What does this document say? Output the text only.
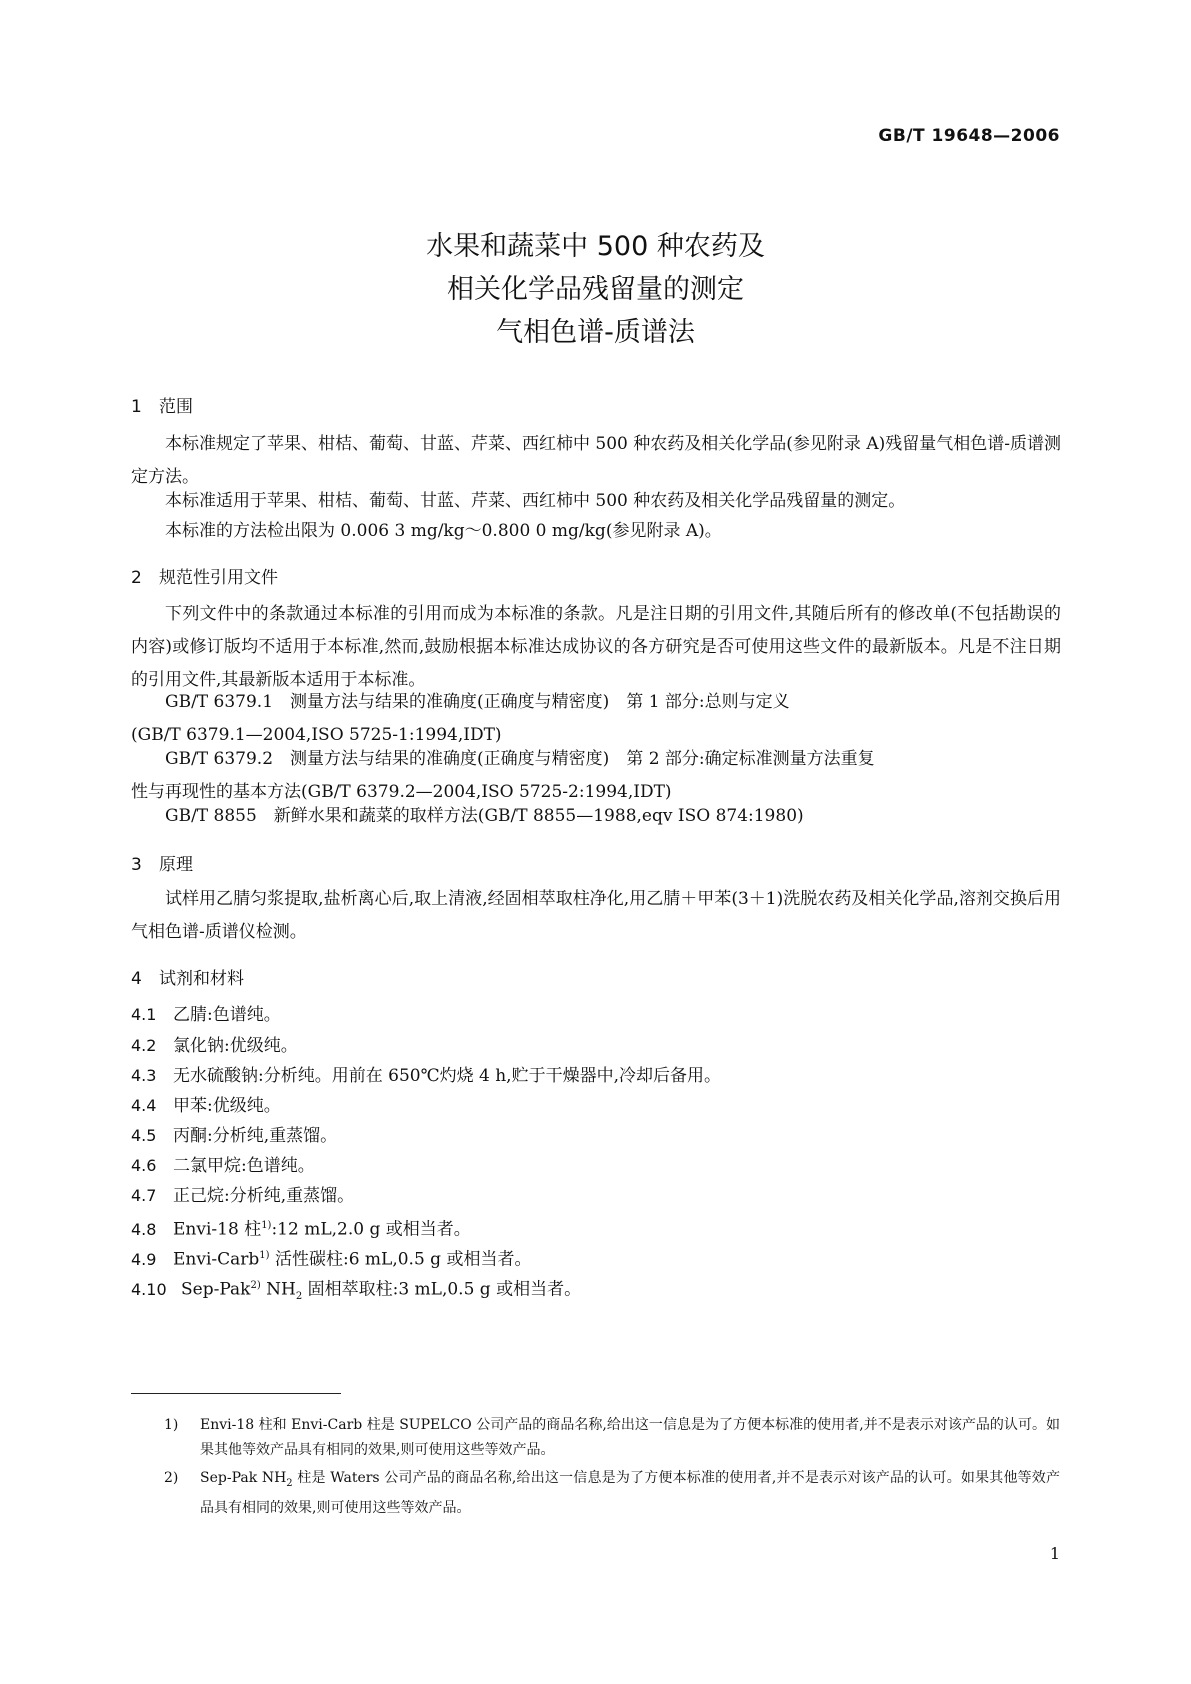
GB/T 19648—2006
水果和蔬菜中 500 种农药及
相关化学品残留量的测定
气相色谱-质谱法
1 范围
本标准规定了苹果、柑桔、葡萄、甘蓝、芹菜、西红柿中 500 种农药及相关化学品(参见附录 A)残留量气相色谱-质谱测定方法。
本标准适用于苹果、柑桔、葡萄、甘蓝、芹菜、西红柿中 500 种农药及相关化学品残留量的测定。
本标准的方法检出限为 0.006 3 mg/kg～0.800 0 mg/kg(参见附录 A)。
2 规范性引用文件
下列文件中的条款通过本标准的引用而成为本标准的条款。凡是注日期的引用文件,其随后所有的修改单(不包括勘误的内容)或修订版均不适用于本标准,然而,鼓励根据本标准达成协议的各方研究是否可使用这些文件的最新版本。凡是不注日期的引用文件,其最新版本适用于本标准。
GB/T 6379.1　测量方法与结果的准确度(正确度与精密度)　第 1 部分:总则与定义
(GB/T 6379.1—2004,ISO 5725-1:1994,IDT)
GB/T 6379.2　测量方法与结果的准确度(正确度与精密度)　第 2 部分:确定标准测量方法重复
性与再现性的基本方法(GB/T 6379.2—2004,ISO 5725-2:1994,IDT)
GB/T 8855　新鲜水果和蔬菜的取样方法(GB/T 8855—1988,eqv ISO 874:1980)
3 原理
试样用乙腈匀浆提取,盐析离心后,取上清液,经固相萃取柱净化,用乙腈＋甲苯(3＋1)洗脱农药及相关化学品,溶剂交换后用气相色谱-质谱仪检测。
4 试剂和材料
4.1 乙腈:色谱纯。
4.2 氯化钠:优级纯。
4.3 无水硫酸钠:分析纯。用前在 650℃灼烧 4 h,贮于干燥器中,冷却后备用。
4.4 甲苯:优级纯。
4.5 丙酮:分析纯,重蒸馏。
4.6 二氯甲烷:色谱纯。
4.7 正己烷:分析纯,重蒸馏。
4.8 Envi-18 柱$^{1)}$:12 mL,2.0 g 或相当者。
4.9 Envi-Carb$^{1)}$ 活性碳柱:6 mL,0.5 g 或相当者。
4.10 Sep-Pak$^{2)}$ $NH_2$ 固相萃取柱:3 mL,0.5 g 或相当者。
1)	Envi-18 柱和 Envi-Carb 柱是 SUPELCO 公司产品的商品名称,给出这一信息是为了方便本标准的使用者,并不是表示对该产品的认可。如果其他等效产品具有相同的效果,则可使用这些等效产品。
2)	Sep-Pak $NH_2$ 柱是 Waters 公司产品的商品名称,给出这一信息是为了方便本标准的使用者,并不是表示对该产品的认可。如果其他等效产品具有相同的效果,则可使用这些等效产品。
1
